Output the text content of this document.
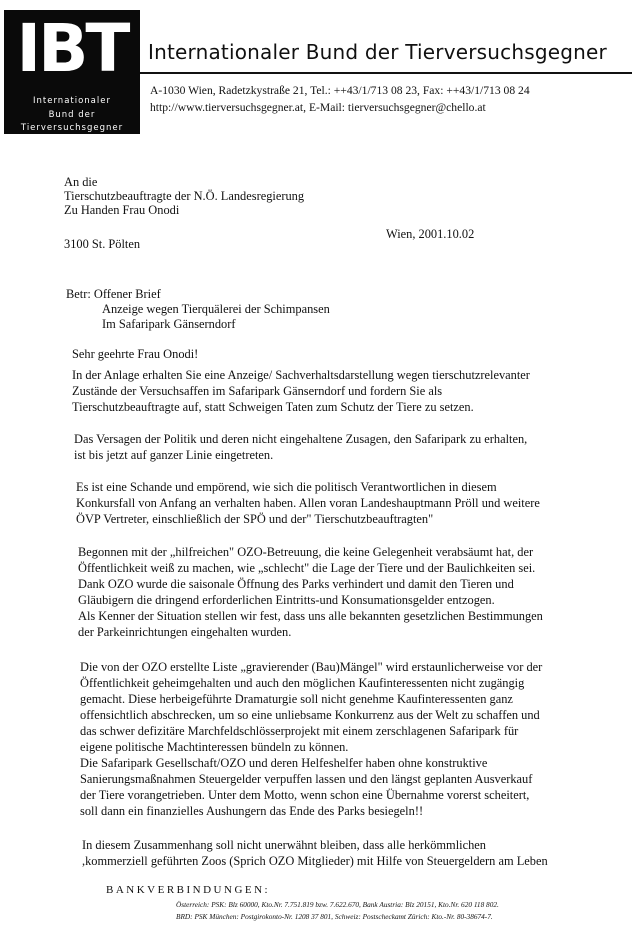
IBT
Internationaler
Bund der
Tierversuchsgegner
Internationaler Bund der Tierversuchsgegner
A-1030 Wien, Radetzkystraße 21, Tel.: ++43/1/713 08 23, Fax: ++43/1/713 08 24
http://www.tierversuchsgegner.at, E-Mail: tierversuchsgegner@chello.at
An die
Tierschutzbeauftragte der N.Ö. Landesregierung
Zu Handen Frau Onodi
3100 St. Pölten
Wien, 2001.10.02
Betr: Offener Brief
Anzeige wegen Tierquälerei der Schimpansen
Im Safaripark Gänserndorf
Sehr geehrte Frau Onodi!
In der Anlage erhalten Sie eine Anzeige/ Sachverhaltsdarstellung wegen tierschutzrelevanter
Zustände der Versuchsaffen im Safaripark Gänserndorf und fordern Sie als
Tierschutzbeauftragte auf, statt Schweigen Taten zum Schutz der Tiere zu setzen.
Das Versagen der Politik und deren nicht eingehaltene Zusagen, den Safaripark zu erhalten,
ist bis jetzt auf ganzer Linie eingetreten.
Es ist eine Schande und empörend, wie sich die politisch Verantwortlichen in diesem
Konkursfall von Anfang an verhalten haben. Allen voran Landeshauptmann Pröll und weitere
ÖVP Vertreter, einschließlich der SPÖ und der" Tierschutzbeauftragten"
Begonnen mit der „hilfreichen" OZO-Betreuung, die keine Gelegenheit verabsäumt hat, der
Öffentlichkeit weiß zu machen, wie „schlecht" die Lage der Tiere und der Baulichkeiten sei.
Dank OZO wurde die saisonale Öffnung des Parks verhindert und damit den Tieren und
Gläubigern die dringend erforderlichen Eintritts-und Konsumationsgelder entzogen.
Als Kenner der Situation stellen wir fest, dass uns alle bekannten gesetzlichen Bestimmungen
der Parkeinrichtungen eingehalten wurden.
Die von der OZO erstellte Liste „gravierender (Bau)Mängel" wird erstaunlicherweise vor der
Öffentlichkeit geheimgehalten und auch den möglichen Kaufinteressenten nicht zugängig
gemacht. Diese herbeigeführte Dramaturgie soll nicht genehme Kaufinteressenten ganz
offensichtlich abschrecken, um so eine unliebsame Konkurrenz aus der Welt zu schaffen und
das schwer defizitäre Marchfeldschlösserprojekt mit einem zerschlagenen Safaripark für
eigene politische Machtinteressen bündeln zu können.
Die Safaripark Gesellschaft/OZO und deren Helfeshelfer haben ohne konstruktive
Sanierungsmaßnahmen Steuergelder verpuffen lassen und den längst geplanten Ausverkauf
der Tiere vorangetrieben. Unter dem Motto, wenn schon eine Übernahme vorerst scheitert,
soll dann ein finanzielles Aushungern das Ende des Parks besiegeln!!
In diesem Zusammenhang soll nicht unerwähnt bleiben, dass alle herkömmlichen
,kommerziell geführten Zoos (Sprich OZO Mitglieder) mit Hilfe von Steuergeldern am Leben
BANKVERBINDUNGEN:
Österreich: PSK: Blz 60000, Kto.Nr. 7.751.819 bzw. 7.622.670, Bank Austria: Blz 20151, Kto.Nr. 620 118 802.
BRD: PSK München: Postgirokonto-Nr. 1208 37 801, Schweiz: Postscheckamt Zürich: Kto.-Nr. 80-38674-7.
